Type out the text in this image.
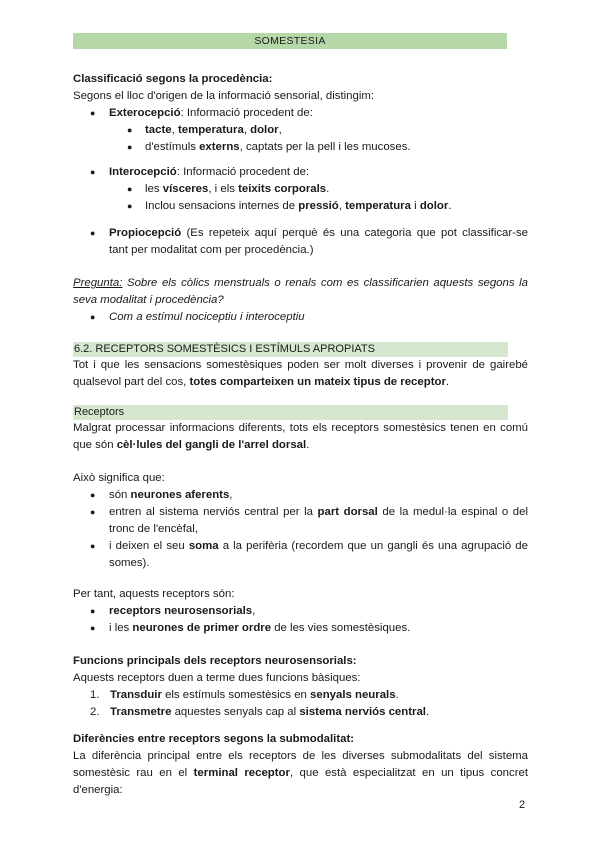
SOMESTESIA

Classificació segons la procedència:

Segons el lloc d'origen de la informació sensorial, distingim:

● Exterocepció: Informació procedent de:
● tacte, temperatura, dolor,
● d'estímuls externs, captats per la pell i les mucoses.
● Interocepció: Informació procedent de:
● les vísceres, i els teixits corporals.
● Inclou sensacions internes de pressió, temperatura i dolor.
● Propiocepció (Es repeteix aquí perquè és una categoria que pot classificar-se tant per modalitat com per procedència.)

Pregunta: Sobre els còlics menstruals o renals com es classificarien aquests segons la seva modalitat i procedència?

● Com a estímul nociceptiu i interoceptiu
6.2. RECEPTORS SOMESTÈSICS I ESTÍMULS APROPIATS

Tot i que les sensacions somestèsiques poden ser molt diverses i provenir de gairebé qualsevol part del cos, totes comparteixen un mateix tipus de receptor.

Receptors

Malgrat processar informacions diferents, tots els receptors somestèsics tenen en comú que són cèl·lules del gangli de l'arrel dorsal.

Això significa que:

● són neurones aferents,
● entren al sistema nerviós central per la part dorsal de la medul·la espinal o del tronc de l'encèfal,
● i deixen el seu soma a la perifèria (recordem que un gangli és una agrupació de somes).

Per tant, aquests receptors són:

● receptors neurosensorials,
● i les neurones de primer ordre de les vies somestèsiques.

Funcions principals dels receptors neurosensorials:

Aquests receptors duen a terme dues funcions bàsiques:

1. Transduir els estímuls somestèsics en senyals neurals.
2. Transmetre aquestes senyals cap al sistema nerviós central.

Diferències entre receptors segons la submodalitat:

La diferència principal entre els receptors de les diverses submodalitats del sistema somestèsic rau en el terminal receptor, que està especialitzat en un tipus concret d'energia:

2
